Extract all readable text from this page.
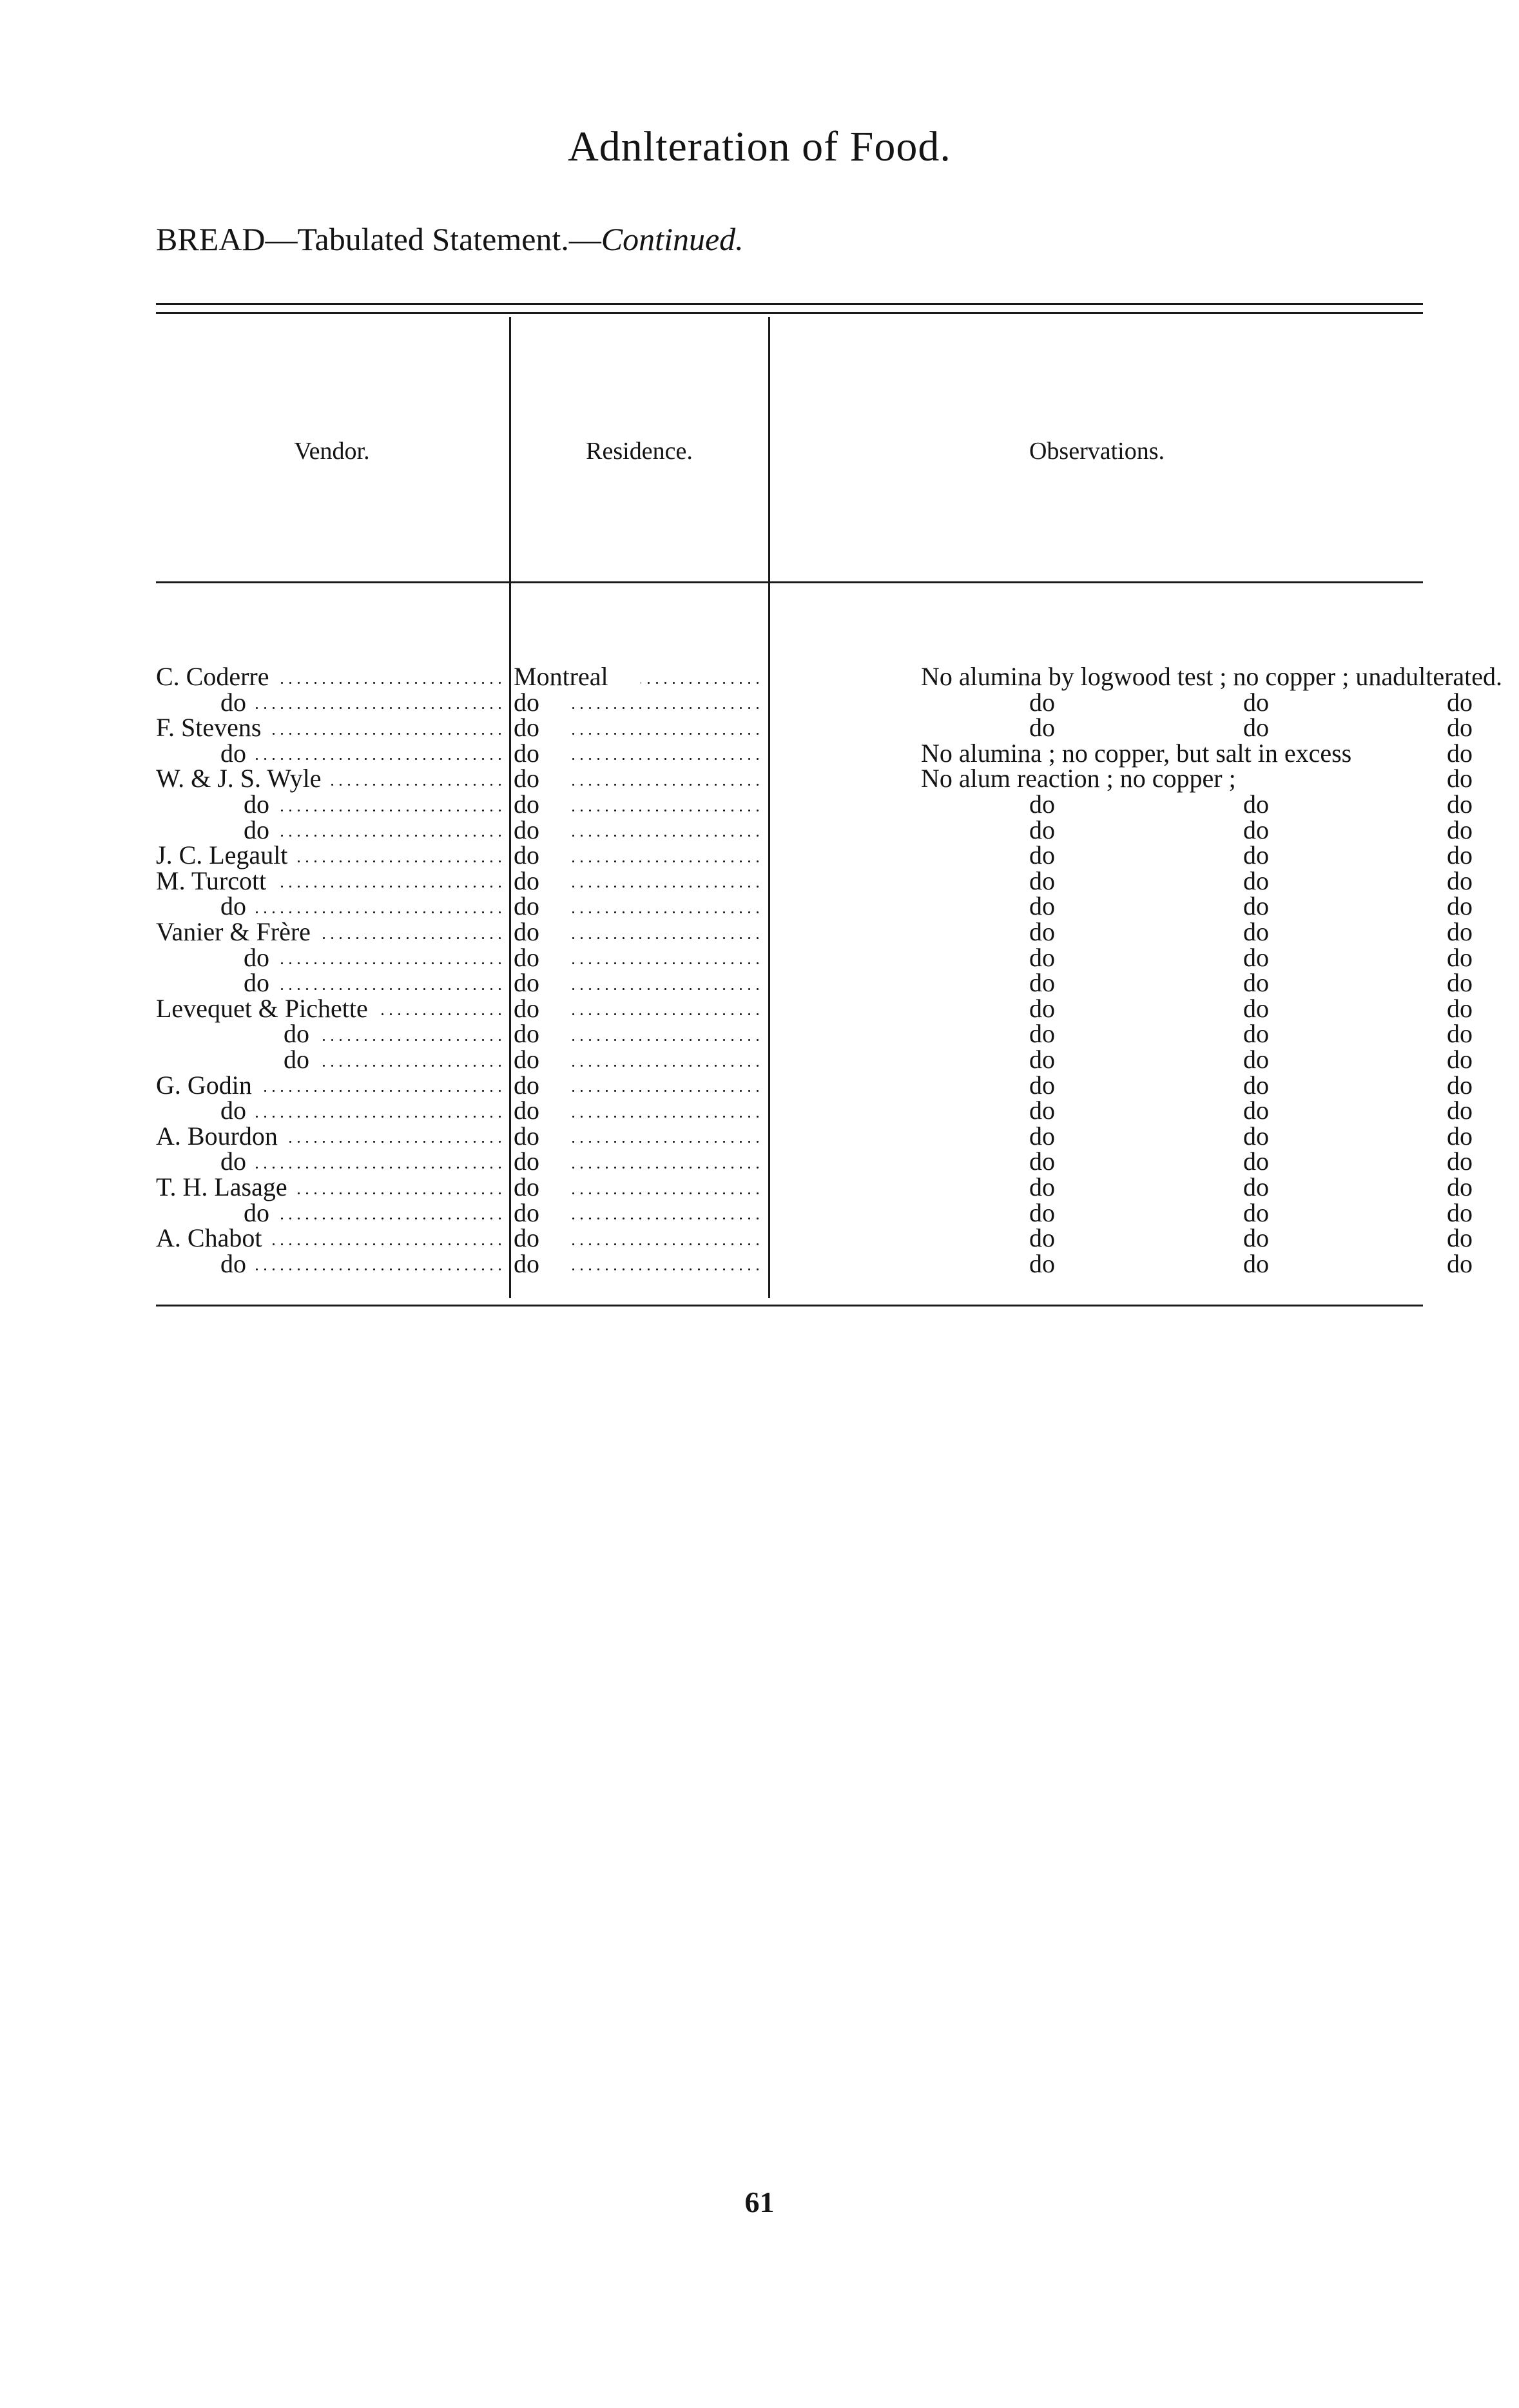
Adnlteration of Food.
BREAD—Tabulated Statement.—Continued.
Vendor.	Residence.	Observations.
C. Coderre	Montreal	No alumina by logwood test ; no copper ; unadulterated.
do	do	do	do	do
F. Stevens	do	do	do	do
do	do	No alumina ; no copper, but salt in excess	do
W. & J. S. Wyle	do	No alum reaction ; no copper ;	do
do	do	do	do	do
do	do	do	do	do
J. C. Legault	do	do	do	do
M. Turcott	do	do	do	do
do	do	do	do	do
Vanier & Frère	do	do	do	do
do	do	do	do	do
do	do	do	do	do
Levequet & Pichette	do	do	do	do
do	do	do	do	do
do	do	do	do	do
G. Godin	do	do	do	do
do	do	do	do	do
A. Bourdon	do	do	do	do
do	do	do	do	do
T. H. Lasage	do	do	do	do
do	do	do	do	do
A. Chabot	do	do	do	do
do	do	do	do	do
61
